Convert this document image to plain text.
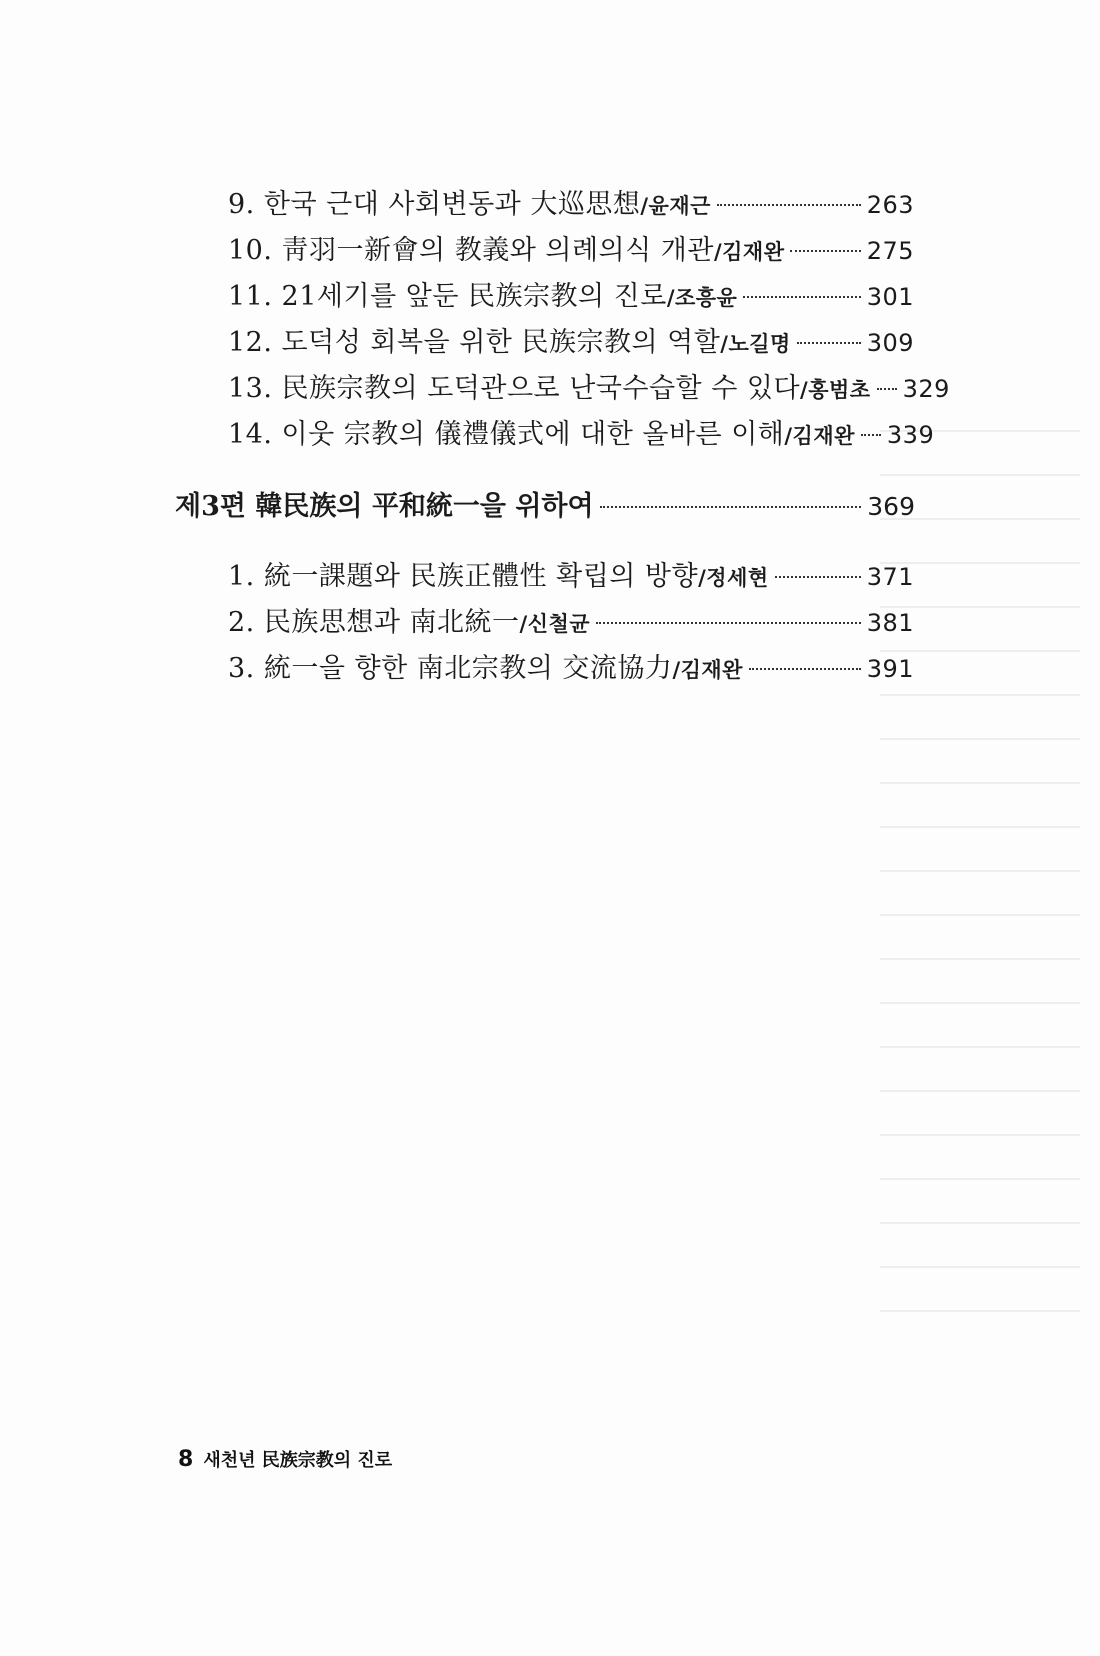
9. 한국 근대 사회변동과 大巡思想 /윤재근	263
10. 靑羽一新會의 教義와 의례의식 개관 /김재완	275
11. 21세기를 앞둔 民族宗教의 진로 /조흥윤	301
12. 도덕성 회복을 위한 民族宗教의 역할 /노길명	309
13. 民族宗教의 도덕관으로 난국수습할 수 있다 /홍범초 329
14. 이웃 宗教의 儀禮儀式에 대한 올바른 이해 /김재완 339
제3편 韓民族의 平和統一을 위하여	369
1. 統一課題와 民族正體性 확립의 방향 /정세현	371
2. 民族思想과 南北統一 /신철균	381
3. 統一을 향한 南北宗教의 交流協力 /김재완	391
8 새천년 民族宗教의 진로
